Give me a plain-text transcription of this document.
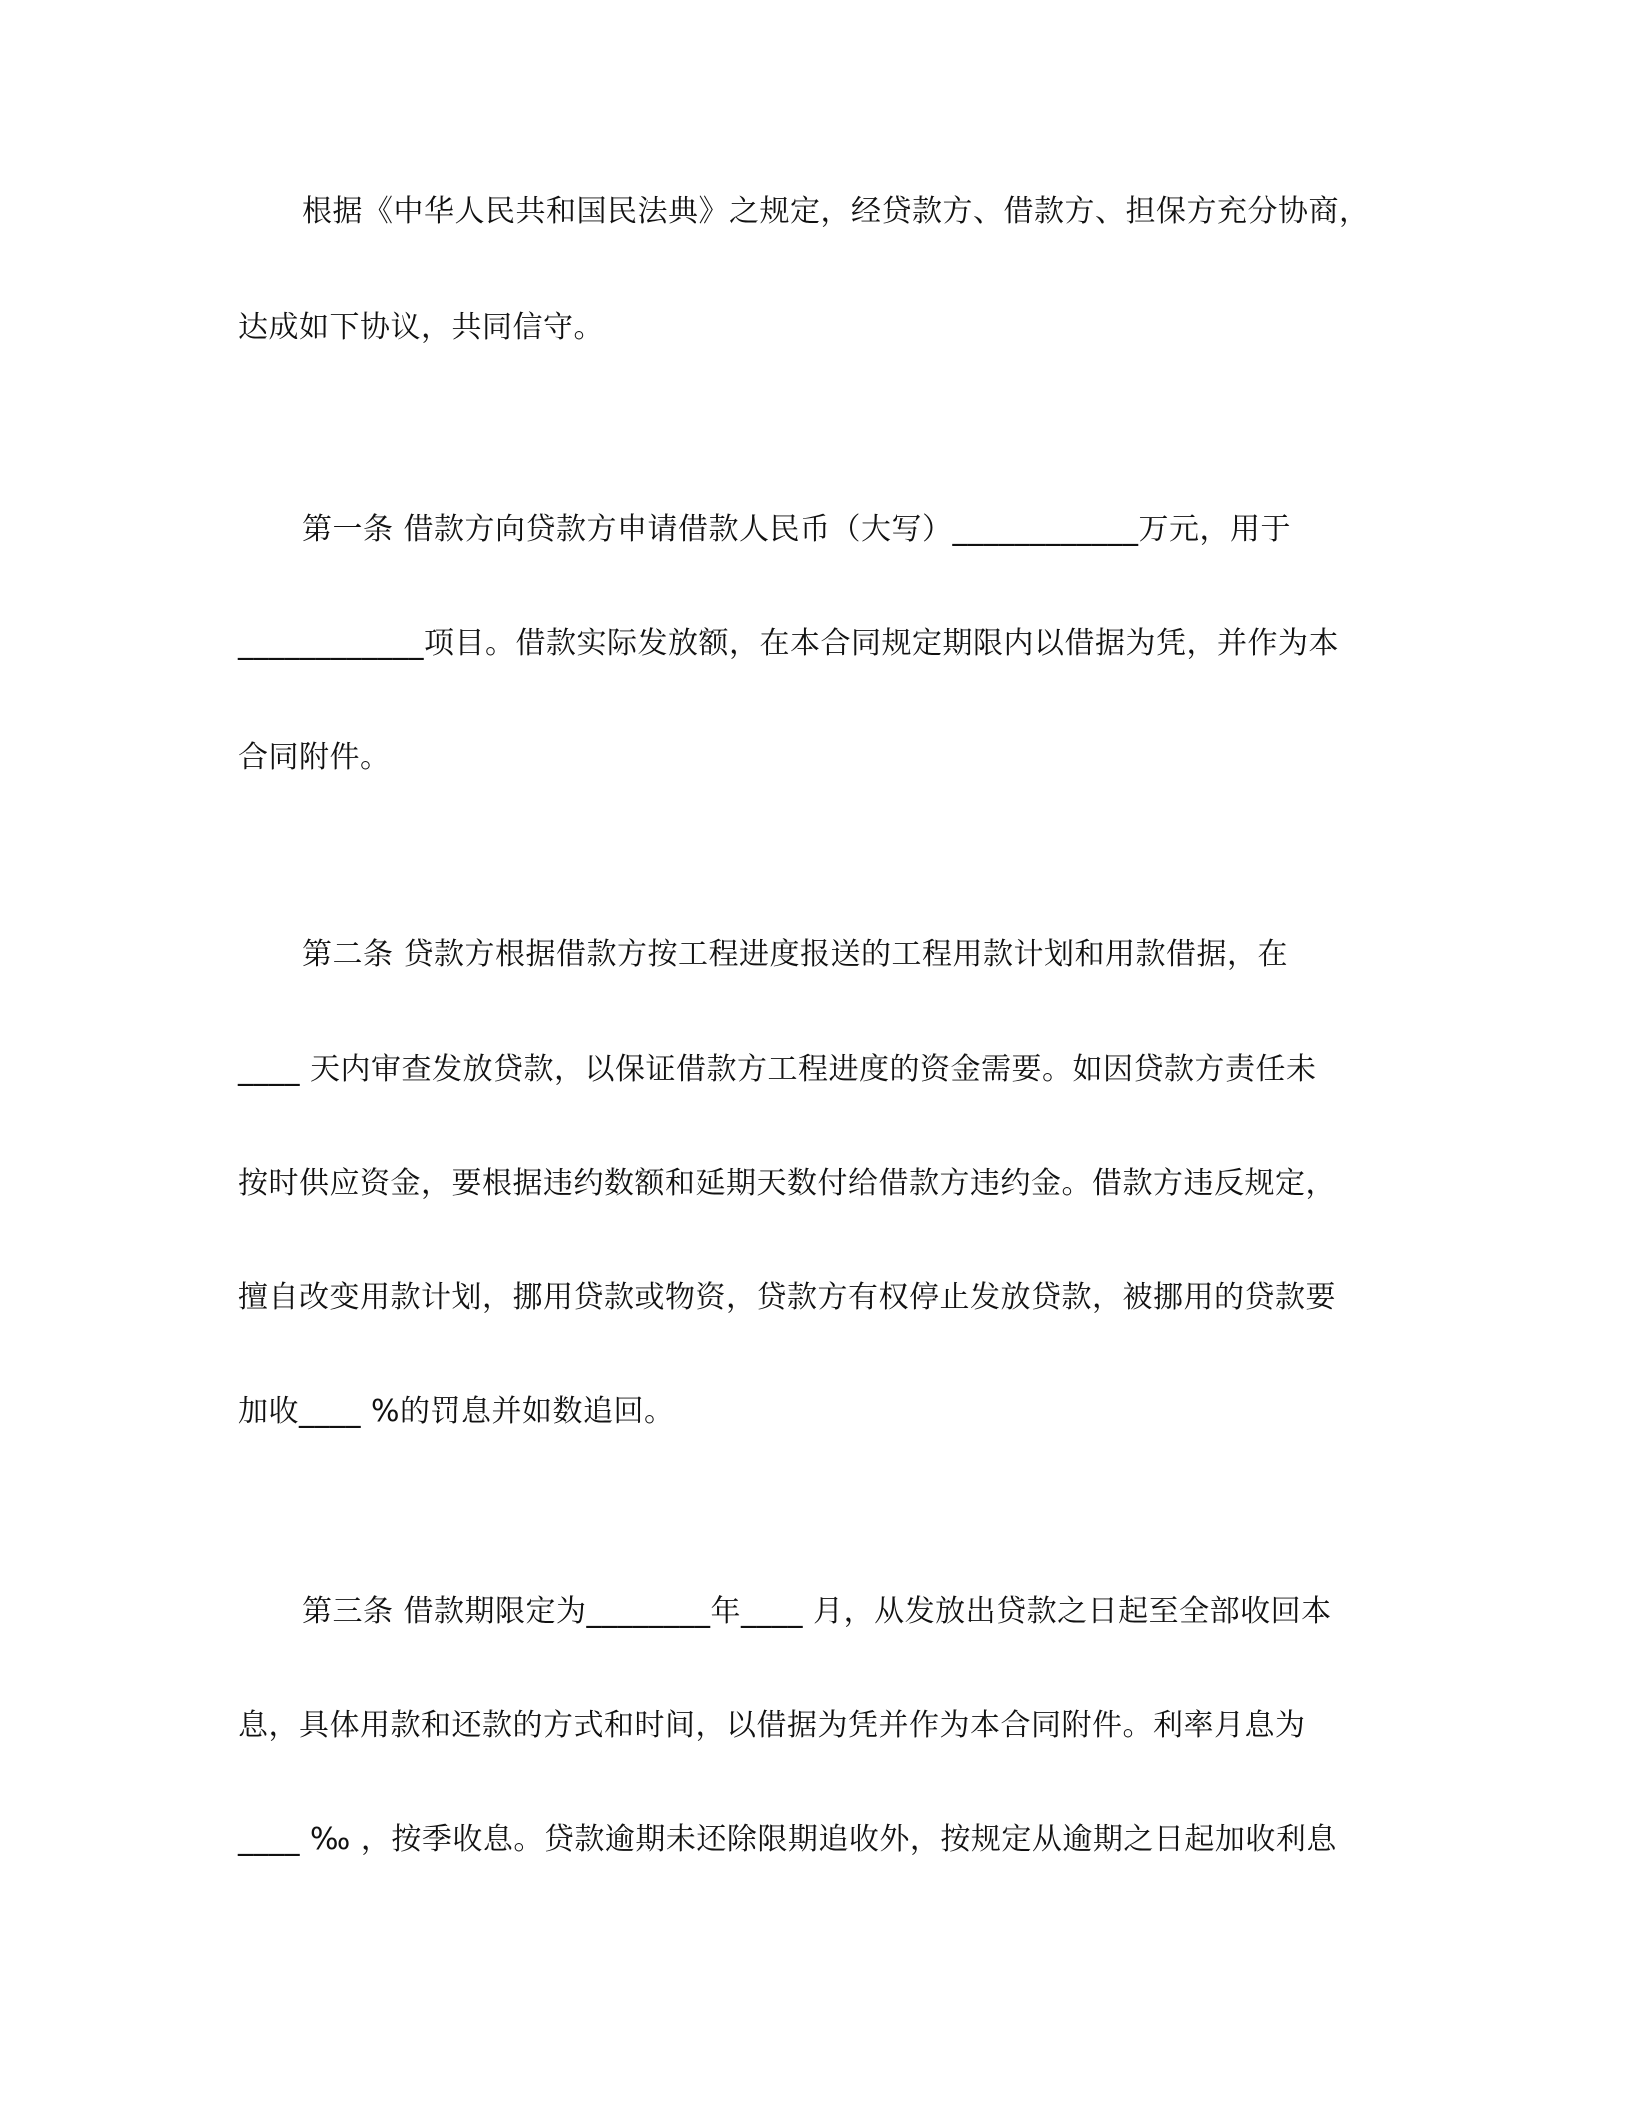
根据《中华人民共和国民法典》之规定，经贷款方、借款方、担保方充分协商，
达成如下协议，共同信守。
第一条 借款方向贷款方申请借款人民币（大写）____________万元，用于
____________项目。借款实际发放额，在本合同规定期限内以借据为凭，并作为本
合同附件。
第二条 贷款方根据借款方按工程进度报送的工程用款计划和用款借据，在
____ 天内审查发放贷款，以保证借款方工程进度的资金需要。如因贷款方责任未
按时供应资金，要根据违约数额和延期天数付给借款方违约金。借款方违反规定，
擅自改变用款计划，挪用贷款或物资，贷款方有权停止发放贷款，被挪用的贷款要
加收____ %的罚息并如数追回。
第三条 借款期限定为________年____ 月，从发放出贷款之日起至全部收回本
息，具体用款和还款的方式和时间，以借据为凭并作为本合同附件。利率月息为
____ ‰ ，按季收息。贷款逾期未还除限期追收外，按规定从逾期之日起加收利息
